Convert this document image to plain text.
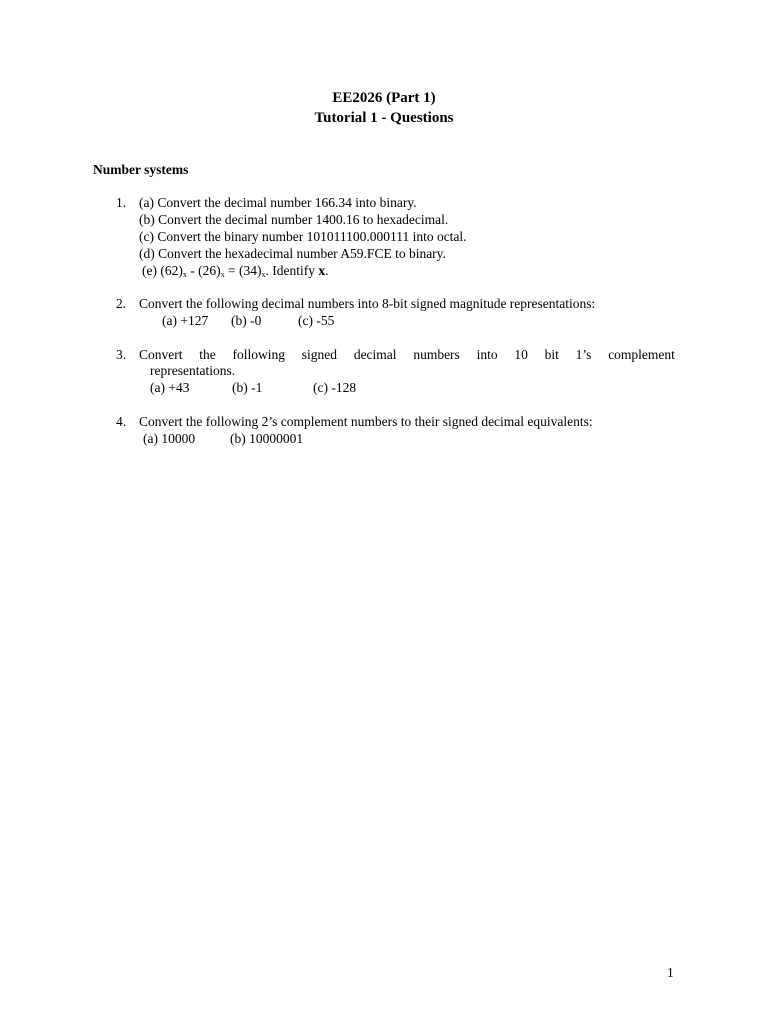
EE2026 (Part 1)
Tutorial 1 - Questions
Number systems
1. (a) Convert the decimal number 166.34 into binary.
(b) Convert the decimal number 1400.16 to hexadecimal.
(c) Convert the binary number 101011100.000111 into octal.
(d) Convert the hexadecimal number A59.FCE to binary.
(e) $(62)_x - (26)_x = (34)_x$. Identify x.
2. Convert the following decimal numbers into 8-bit signed magnitude representations:
(a) +127 (b) -0	(c) -55
3. Convert the following signed decimal numbers into 10 bit 1’s complement
representations.
(a) +43	(b) -1	(c) -128
4. Convert the following 2’s complement numbers to their signed decimal equivalents:
(a) 10000	(b) 10000001
1
